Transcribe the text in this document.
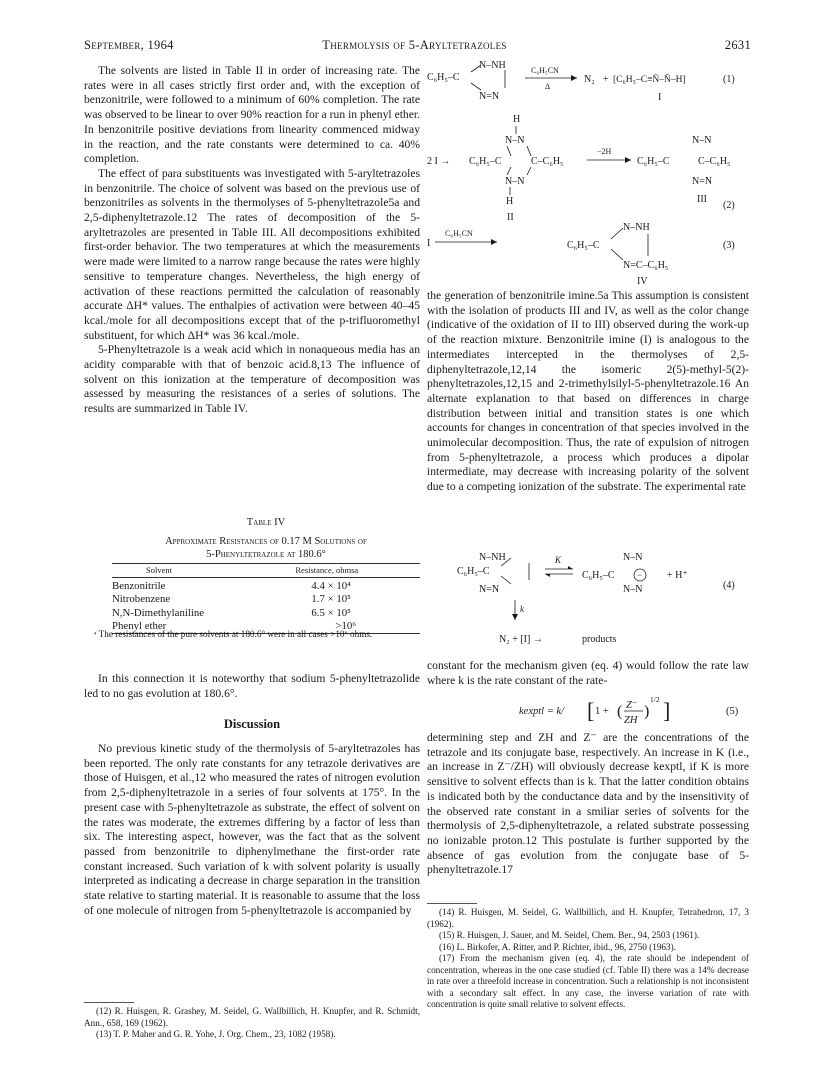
September, 1964	Thermolysis of 5-Aryltetrazoles	2631

The solvents are listed in Table II in order of increasing rate. The rates were in all cases strictly first order and, with the exception of benzonitrile, were followed to a minimum of 60% completion. The rate was observed to be linear to over 90% reaction for a run in phenyl ether. In benzonitrile positive deviations from linearity commenced midway in the reaction, and the rate constants were determined to ca. 40% completion.

The effect of para substituents was investigated with 5-aryltetrazoles in benzonitrile. The choice of solvent was based on the previous use of benzonitriles as solvents in the thermolyses of 5-phenyltetrazole5a and 2,5-diphenyltetrazole.12 The rates of decomposition of the 5-aryltetrazoles are presented in Table III. All decompositions exhibited first-order behavior. The two temperatures at which the measurements were made were limited to a narrow range because the rates were highly sensitive to temperature changes. Nevertheless, the high energy of activation of these reactions permitted the calculation of reasonably accurate ΔH* values. The enthalpies of activation were between 40–45 kcal./mole for all decompositions except that of the p-trifluoromethyl substituent, for which ΔH* was 36 kcal./mole.

5-Phenyltetrazole is a weak acid which in nonaqueous media has an acidity comparable with that of benzoic acid.8,13 The influence of solvent on this ionization at the temperature of decomposition was assessed by measuring the resistances of a series of solutions. The results are summarized in Table IV.

Table IV

Approximate Resistances of 0.17 M Solutions of

5-Phenyltetrazole at 180.6°

Solvent	Resistance, ohmsa

Benzonitrile	4.4 × 10⁴
Nitrobenzene	1.7 × 10⁵
N,N-Dimethylaniline	6.5 × 10⁵
Phenyl ether	>10⁶

ᵃ The resistances of the pure solvents at 180.6° were in all cases >10⁶ ohms.

In this connection it is noteworthy that sodium 5-phenyltetrazolide led to no gas evolution at 180.6°.

Discussion

No previous kinetic study of the thermolysis of 5-aryltetrazoles has been reported. The only rate constants for any tetrazole derivatives are those of Huisgen, et al.,12 who measured the rates of nitrogen evolution from 2,5-diphenyltetrazole in a series of four solvents at 175°. In the present case with 5-phenyltetrazole as substrate, the effect of solvent on the rates was moderate, the extremes differing by a factor of less than six. The interesting aspect, however, was the fact that as the solvent passed from benzonitrile to diphenylmethane the first-order rate constant increased. Such variation of k with solvent polarity is usually interpreted as indicating a decrease in charge separation in the transition state relative to starting material. It is reasonable to assume that the loss of one molecule of nitrogen from 5-phenyltetrazole is accompanied by

(12) R. Huisgen, R. Grashey, M. Seidel, G. Wallbillich, H. Knupfer, and R. Schmidt, Ann., 658, 169 (1962).

(13) T. P. Maher and G. R. Yohe, J. Org. Chem., 23, 1082 (1958).

C₆H₅–C
N–NH
N=N
C₆H₅CN
Δ
N₂ + [C₆H₅–C≡N̄–N̄–H]	(1)
I
H
N–N
2 I → C₆H₅–C	C–C₆H₅
N–N
H
II
−2H
N–N
C₆H₅–C	C–C₆H₅
N=N
III
(2)
I
C₆H₅CN
N–NH
C₆H₅–C
N=C–C₆H₅
(3)
IV

the generation of benzonitrile imine.5a This assumption is consistent with the isolation of products III and IV, as well as the color change (indicative of the oxidation of II to III) observed during the work-up of the reaction mixture. Benzonitrile imine (I) is analogous to the intermediates intercepted in the thermolyses of 2,5-diphenyltetrazole,12,14 the isomeric 2(5)-methyl-5(2)-phenyltetrazoles,12,15 and 2-trimethylsilyl-5-phenyltetrazole.16 An alternate explanation to that based on differences in charge distribution between initial and transition states is one which accounts for changes in concentration of that species involved in the unimolecular decomposition. Thus, the rate of expulsion of nitrogen from 5-phenyltetrazole, a process which produces a dipolar intermediate, may decrease with increasing polarity of the solvent due to a competing ionization of the substrate. The experimental rate

N–NH
C₆H₅–C
N=N
K	N–N
C₆H₅–C −
N–N
+ H⁺
(4)
k
N₂ + [I] →	products

constant for the mechanism given (eq. 4) would follow the rate law where k is the rate constant of the rate-

kexptl = k/ [ 1 + ( Z⁻
ZH
)
1/2 ]	(5)

determining step and ZH and Z⁻ are the concentrations of the tetrazole and its conjugate base, respectively. An increase in K (i.e., an increase in Z⁻/ZH) will obviously decrease kexptl, if K is more sensitive to solvent effects than is k. That the latter condition obtains is indicated both by the conductance data and by the insensitivity of the observed rate constant in a smiliar series of solvents for the thermolysis of 2,5-diphenyltetrazole, a related substrate possessing no ionizable proton.12 This postulate is further supported by the absence of gas evolution from the conjugate base of 5-phenyltetrazole.17

(14) R. Huisgen, M. Seidel, G. Wallbillich, and H. Knupfer, Tetrahedron, 17, 3 (1962).

(15) R. Huisgen, J. Sauer, and M. Seidel, Chem. Ber., 94, 2503 (1961).

(16) L. Birkofer, A. Ritter, and P. Richter, ibid., 96, 2750 (1963).

(17) From the mechanism given (eq. 4), the rate should be independent of concentration, whereas in the one case studied (cf. Table II) there was a 14% decrease in rate over a threefold increase in concentration. Such a relationship is not inconsistent with a secondary salt effect. In any case, the inverse variation of rate with concentration is quite small relative to solvent effects.
